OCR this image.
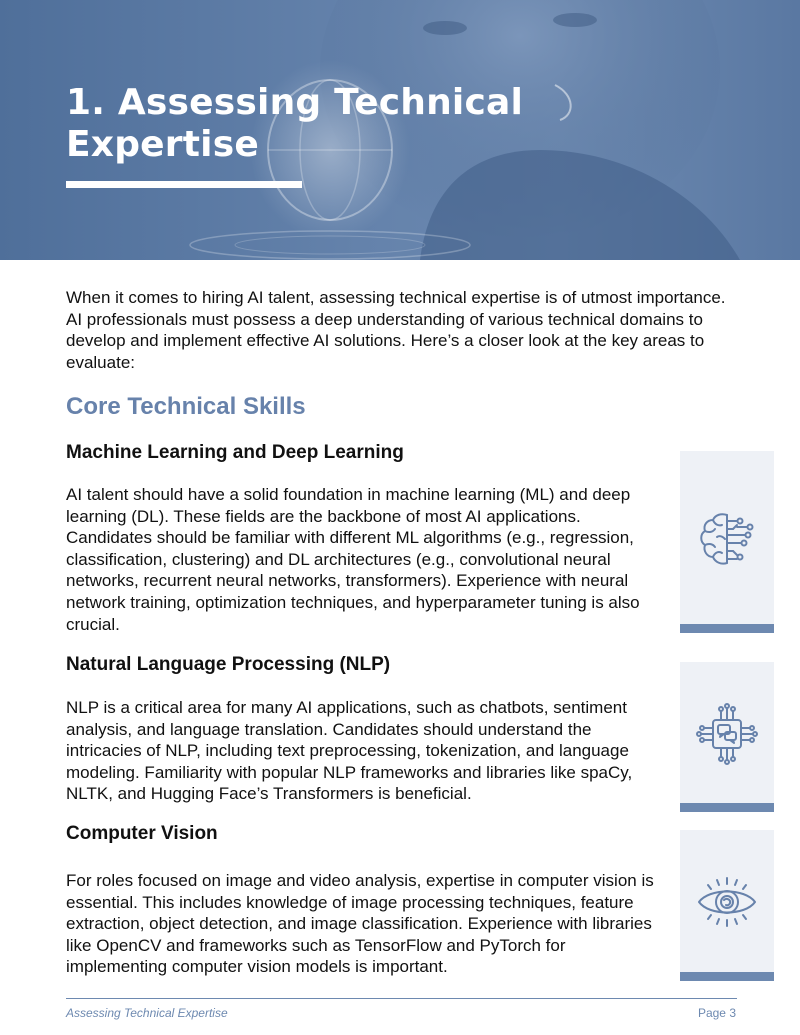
1. Assessing Technical Expertise

When it comes to hiring AI talent, assessing technical expertise is of utmost importance. AI professionals must possess a deep understanding of various technical domains to develop and implement effective AI solutions. Here’s a closer look at the key areas to evaluate:

Core Technical Skills
Machine Learning and Deep Learning

AI talent should have a solid foundation in machine learning (ML) and deep learning (DL). These fields are the backbone of most AI applications. Candidates should be familiar with different ML algorithms (e.g., regression, classification, clustering) and DL architectures (e.g., convolutional neural networks, recurrent neural networks, transformers). Experience with neural network training, optimization techniques, and hyperparameter tuning is also crucial.

Natural Language Processing (NLP)

NLP is a critical area for many AI applications, such as chatbots, sentiment analysis, and language translation. Candidates should understand the intricacies of NLP, including text preprocessing, tokenization, and language modeling. Familiarity with popular NLP frameworks and libraries like spaCy, NLTK, and Hugging Face’s Transformers is beneficial.

Computer Vision

For roles focused on image and video analysis, expertise in computer vision is essential. This includes knowledge of image processing techniques, feature extraction, object detection, and image classification. Experience with libraries like OpenCV and frameworks such as TensorFlow and PyTorch for implementing computer vision models is important.

Assessing Technical Expertise	Page 3
